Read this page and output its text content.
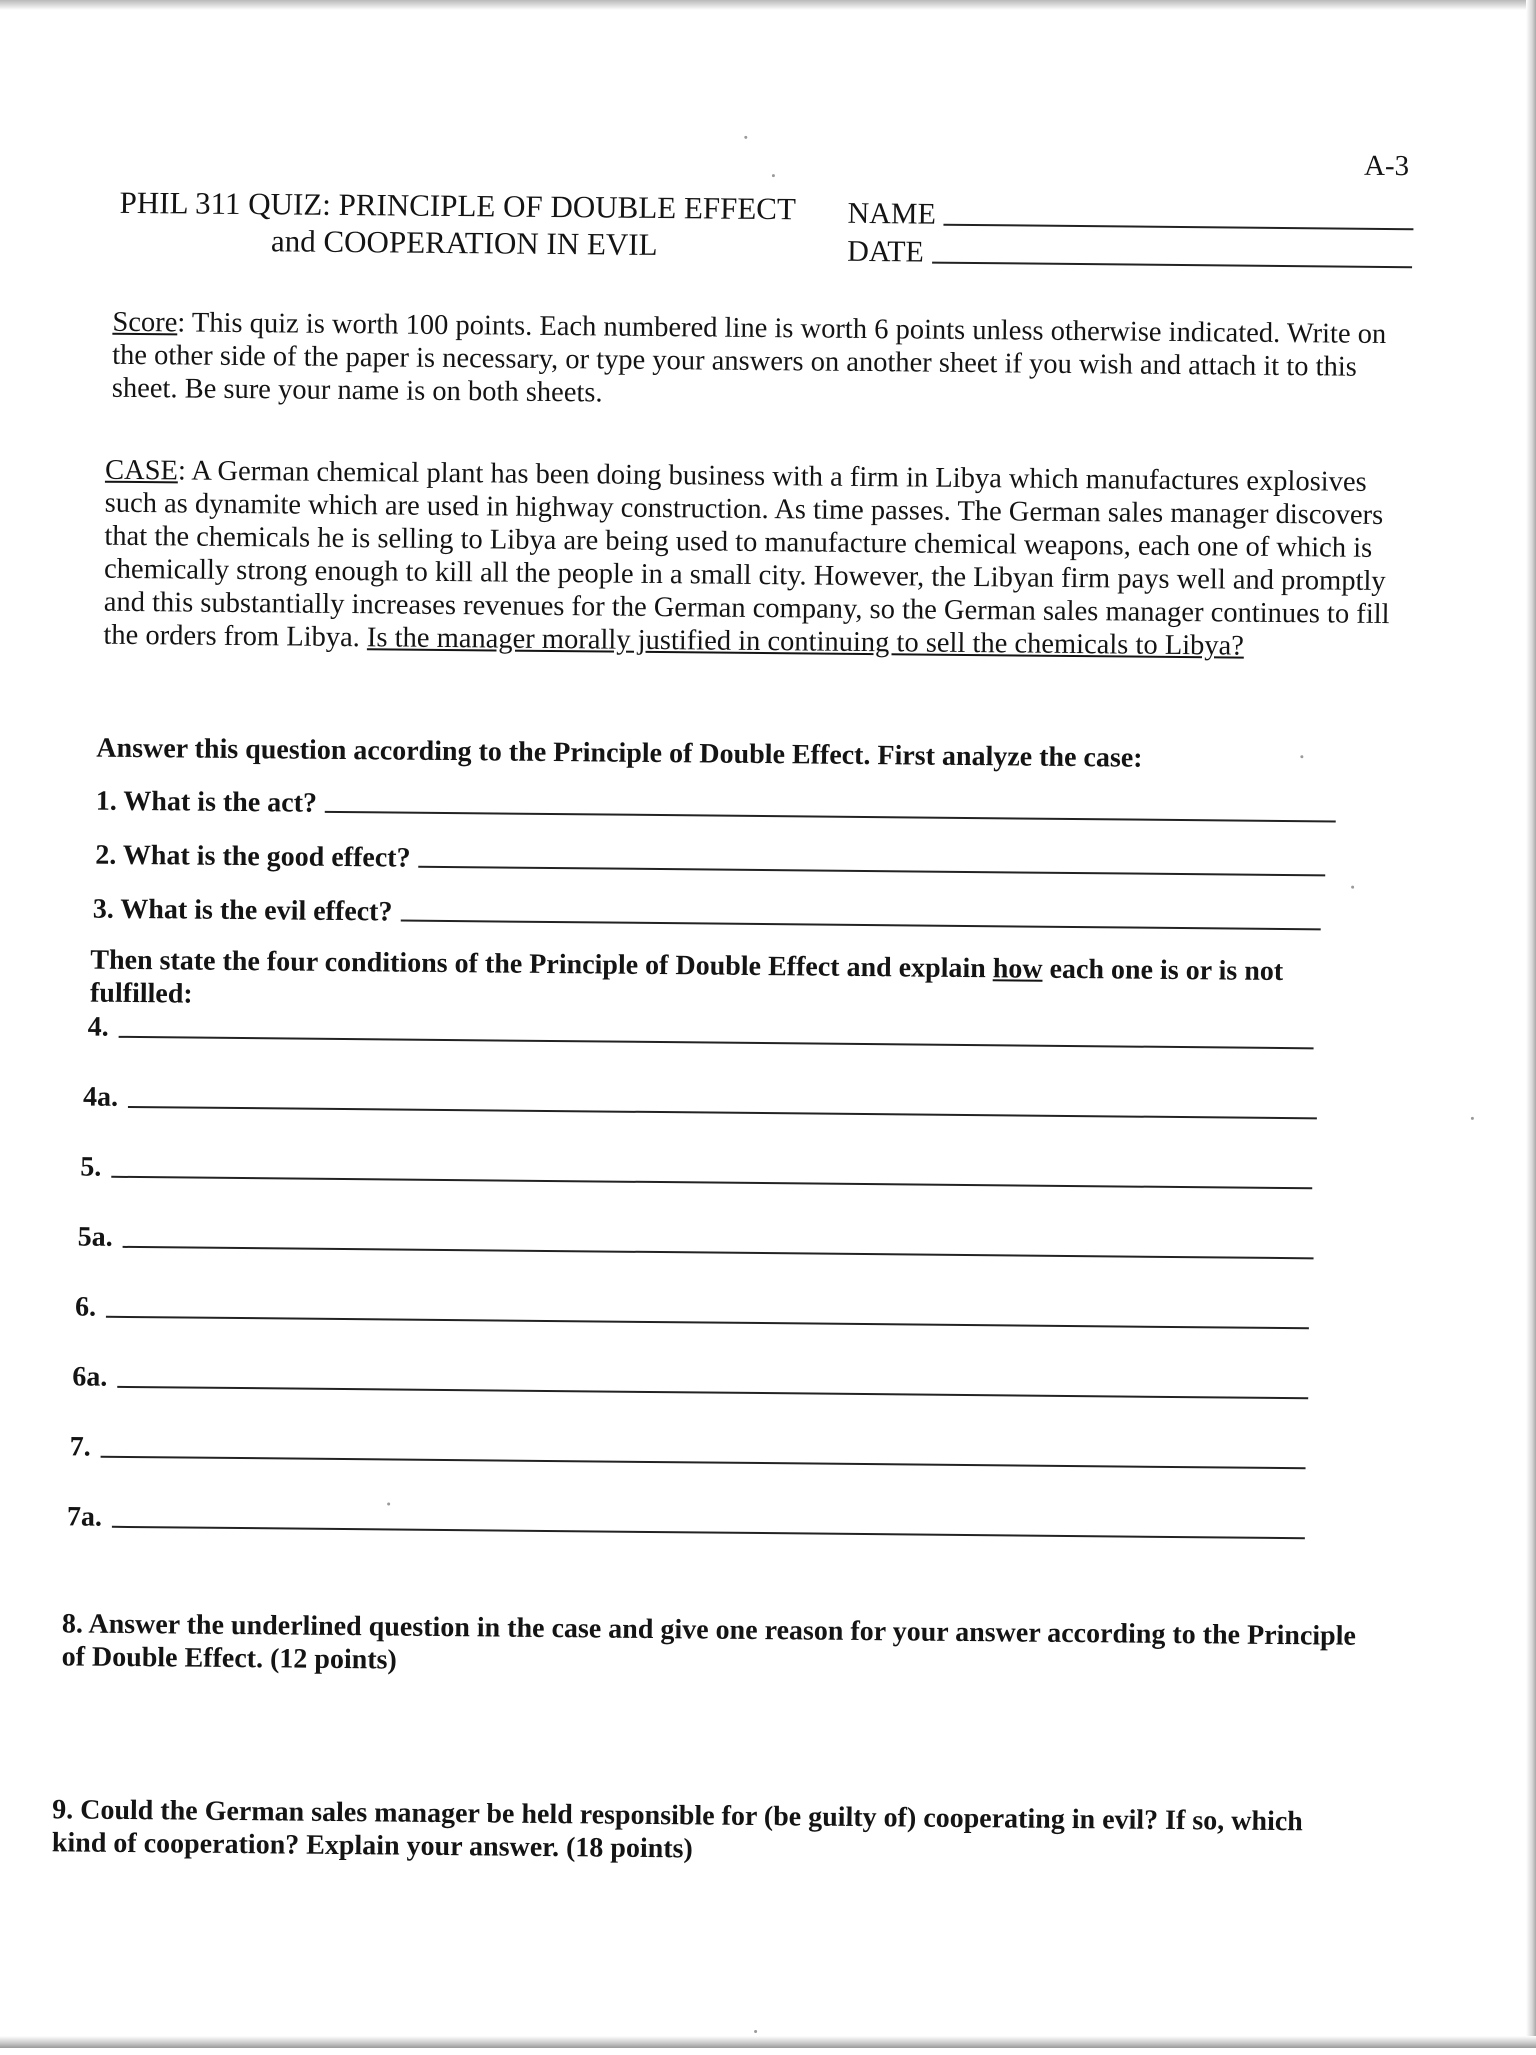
A-3
PHIL 311 QUIZ: PRINCIPLE OF DOUBLE EFFECT
and COOPERATION IN EVIL
NAME
DATE
Score: This quiz is worth 100 points. Each numbered line is worth 6 points unless otherwise indicated. Write on the other side of the paper is necessary, or type your answers on another sheet if you wish and attach it to this sheet. Be sure your name is on both sheets.
CASE: A German chemical plant has been doing business with a firm in Libya which manufactures explosives such as dynamite which are used in highway construction. As time passes. The German sales manager discovers that the chemicals he is selling to Libya are being used to manufacture chemical weapons, each one of which is chemically strong enough to kill all the people in a small city. However, the Libyan firm pays well and promptly and this substantially increases revenues for the German company, so the German sales manager continues to fill the orders from Libya. Is the manager morally justified in continuing to sell the chemicals to Libya?
Answer this question according to the Principle of Double Effect. First analyze the case:
1. What is the act?
2. What is the good effect?
3. What is the evil effect?
Then state the four conditions of the Principle of Double Effect and explain how each one is or is not fulfilled:
4.
4a.
5.
5a.
6.
6a.
7.
7a.
8. Answer the underlined question in the case and give one reason for your answer according to the Principle of Double Effect. (12 points)
9. Could the German sales manager be held responsible for (be guilty of) cooperating in evil? If so, which kind of cooperation? Explain your answer. (18 points)
